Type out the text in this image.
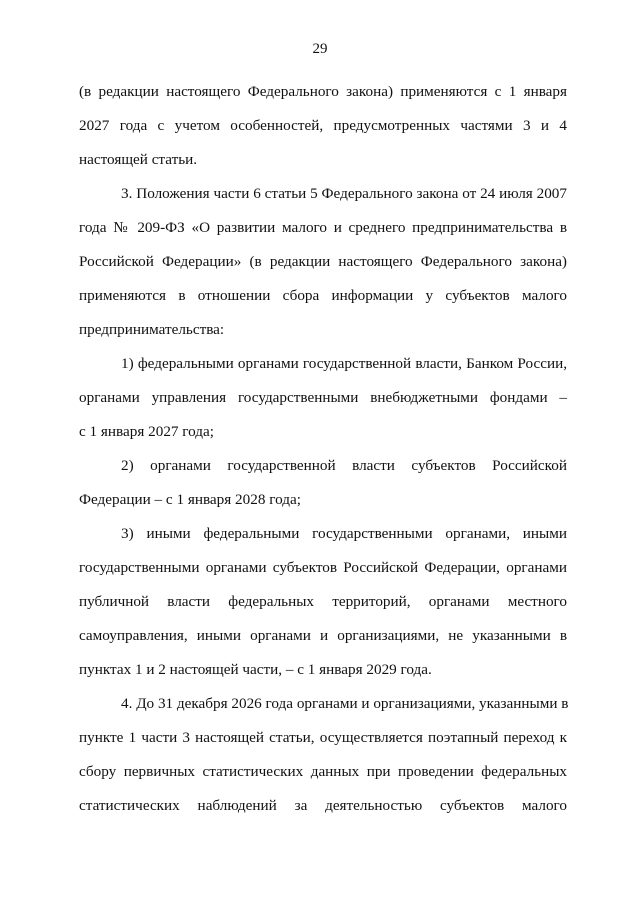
29
(в редакции настоящего Федерального закона) применяются с 1 января
2027 года с учетом особенностей, предусмотренных частями 3 и 4
настоящей статьи.
3. Положения части 6 статьи 5 Федерального закона от 24 июля 2007
года № 209-ФЗ «О развитии малого и среднего предпринимательства в
Российской Федерации» (в редакции настоящего Федерального закона)
применяются в отношении сбора информации у субъектов малого
предпринимательства:
1) федеральными органами государственной власти, Банком России,
органами управления государственными внебюджетными фондами –
с 1 января 2027 года;
2) органами государственной власти субъектов Российской
Федерации – с 1 января 2028 года;
3) иными федеральными государственными органами, иными
государственными органами субъектов Российской Федерации, органами
публичной власти федеральных территорий, органами местного
самоуправления, иными органами и организациями, не указанными в
пунктах 1 и 2 настоящей части, – с 1 января 2029 года.
4. До 31 декабря 2026 года органами и организациями, указанными в
пункте 1 части 3 настоящей статьи, осуществляется поэтапный переход к
сбору первичных статистических данных при проведении федеральных
статистических наблюдений за деятельностью субъектов малого
